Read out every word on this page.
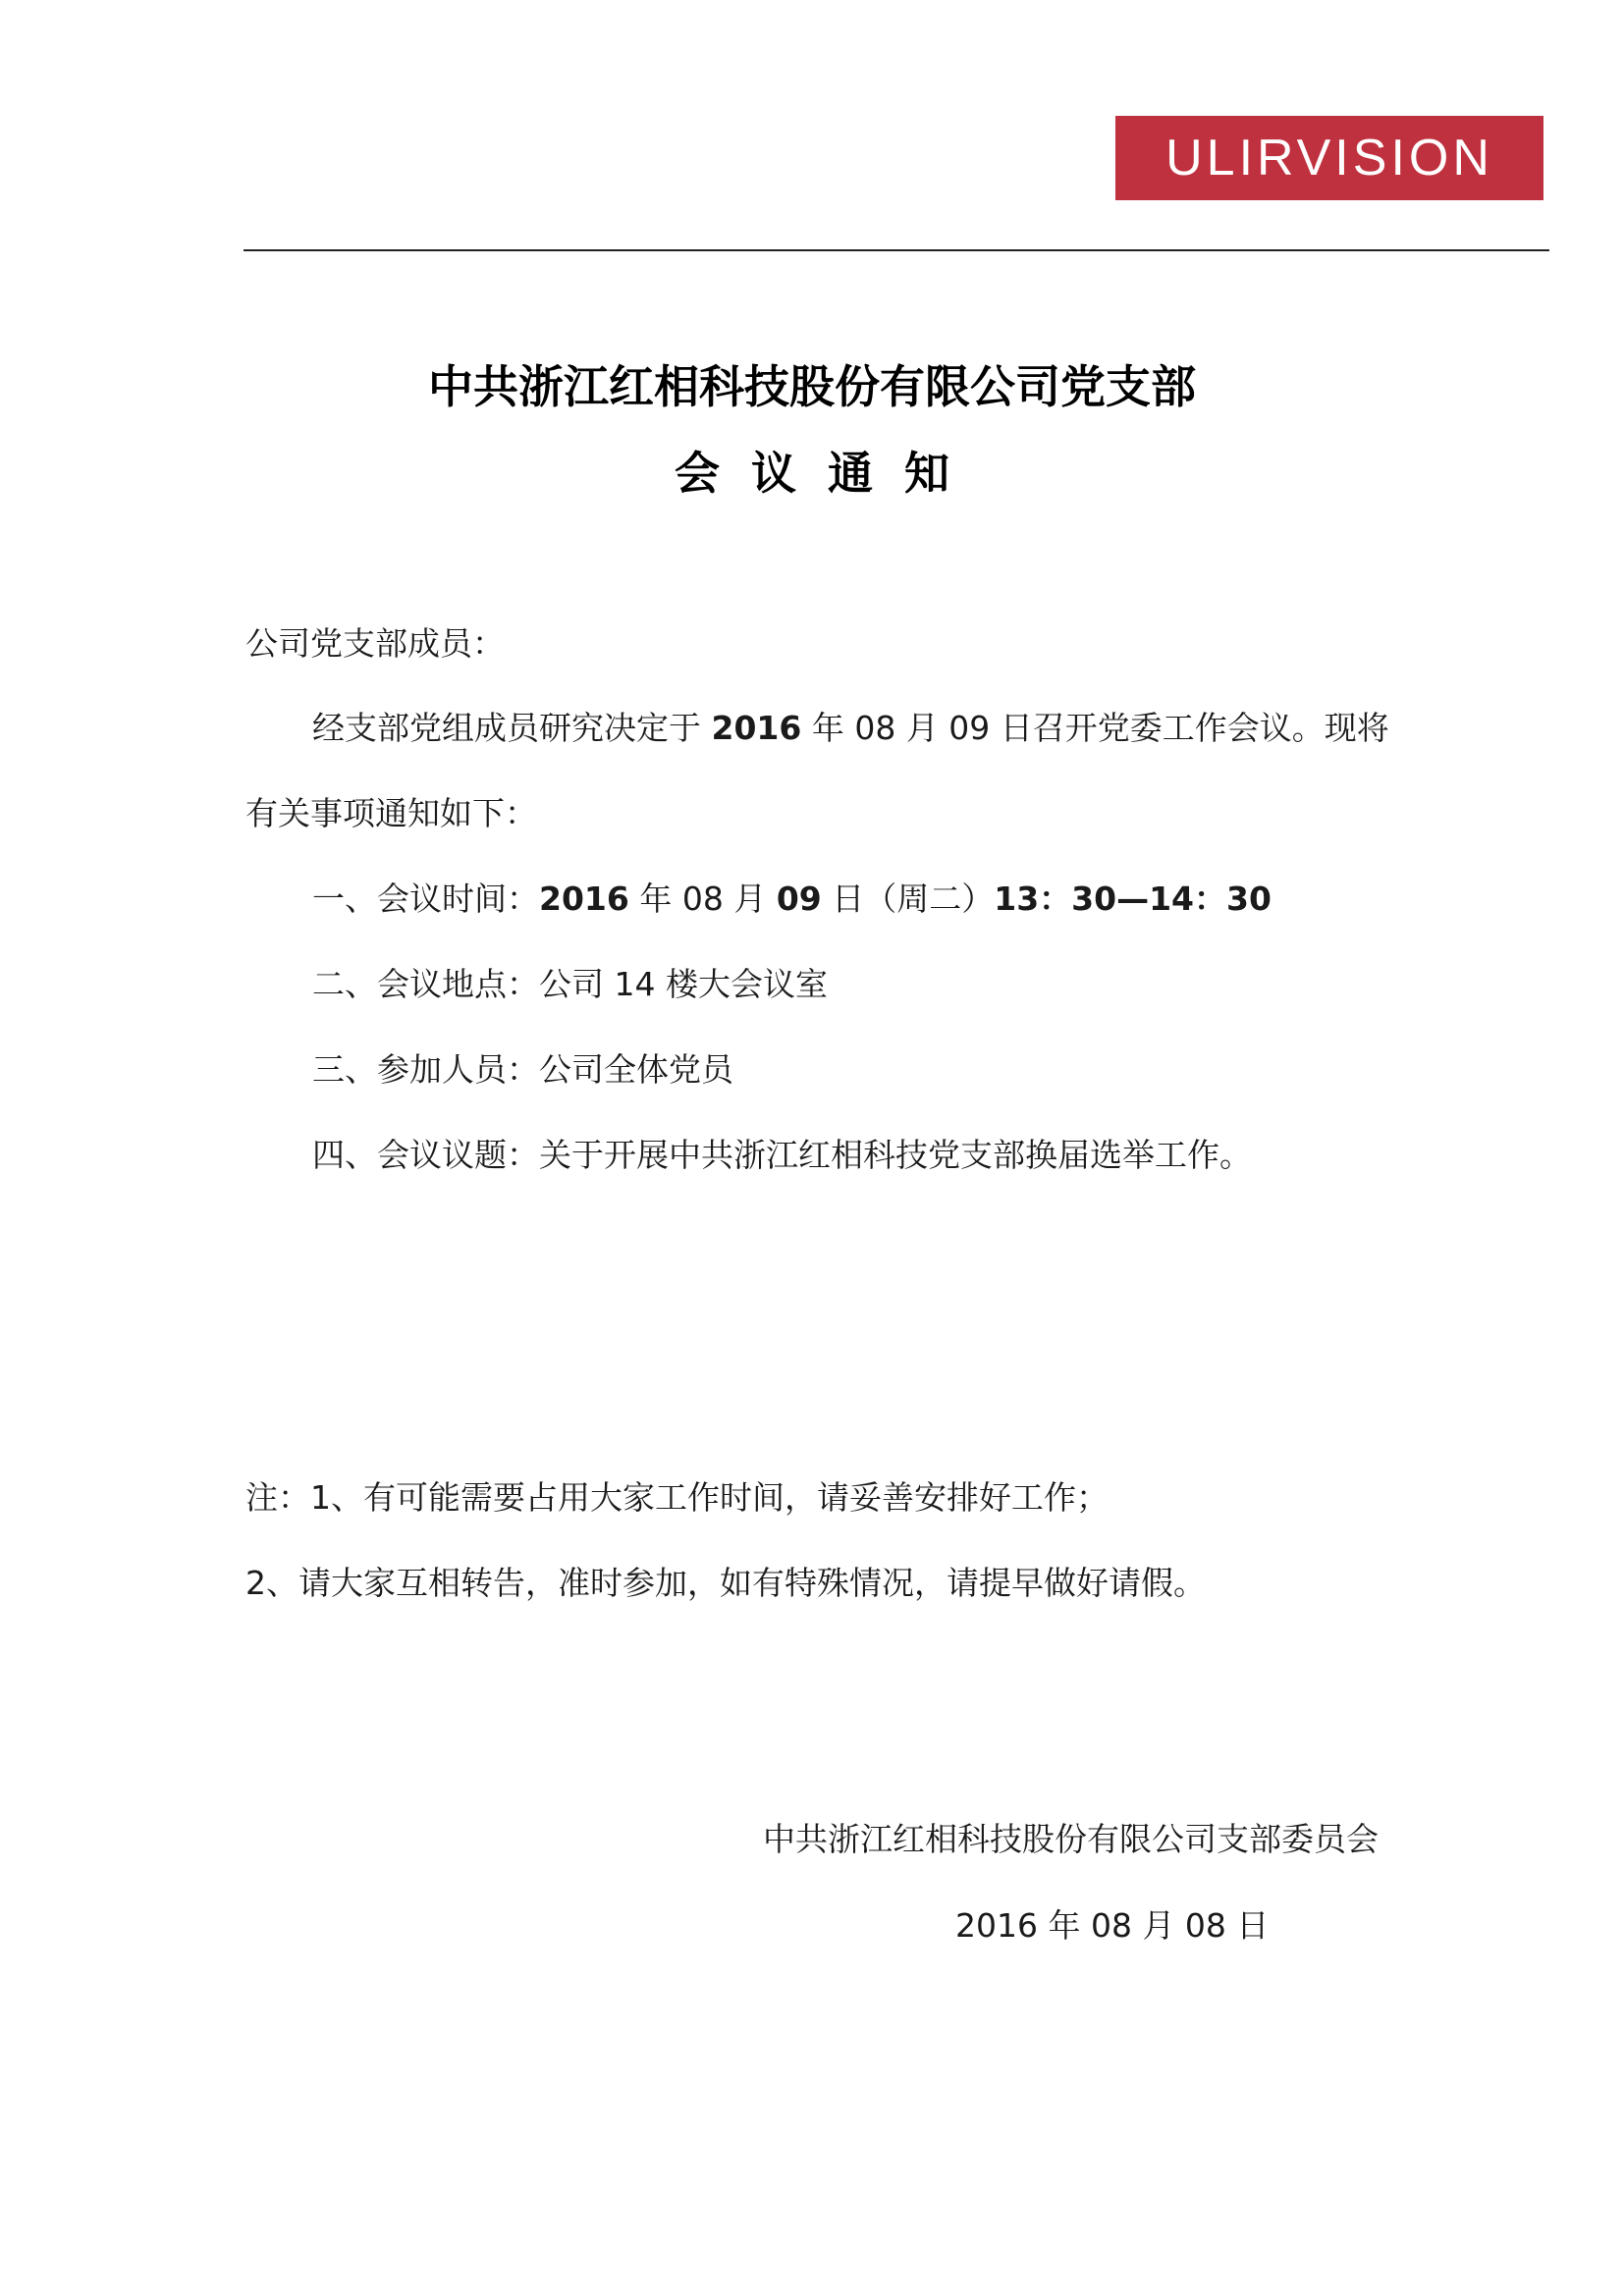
ULIRVISION
中共浙江红相科技股份有限公司党支部
会议通知
公司党支部成员：
经支部党组成员研究决定于 2016 年 08 月 09 日召开党委工作会议。现将
有关事项通知如下：
一、会议时间：2016 年 08 月 09 日（周二）13：30—14：30
二、会议地点：公司 14 楼大会议室
三、参加人员：公司全体党员
四、会议议题：关于开展中共浙江红相科技党支部换届选举工作。
注：1、有可能需要占用大家工作时间，请妥善安排好工作；
2、请大家互相转告，准时参加，如有特殊情况，请提早做好请假。
中共浙江红相科技股份有限公司支部委员会
2016 年 08 月 08 日
